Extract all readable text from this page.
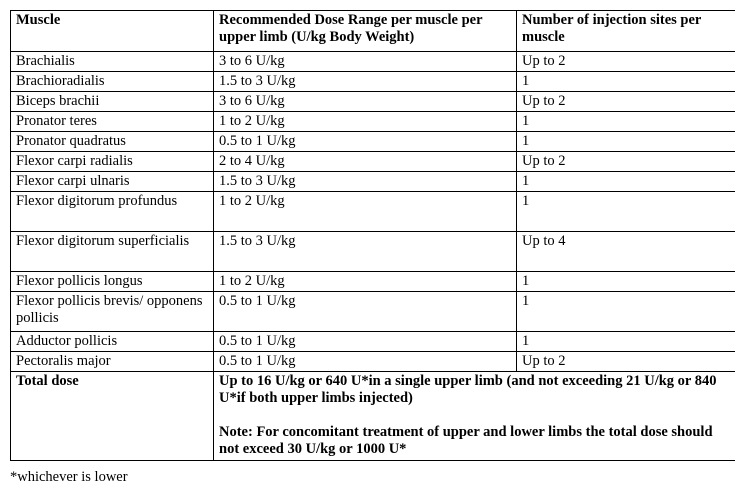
Muscle	Recommended Dose Range per muscle per upper limb (U/kg Body Weight)	Number of injection sites per muscle
Brachialis	3 to 6 U/kg	Up to 2
Brachioradialis	1.5 to 3 U/kg	1
Biceps brachii	3 to 6 U/kg	Up to 2
Pronator teres	1 to 2 U/kg	1
Pronator quadratus	0.5 to 1 U/kg	1
Flexor carpi radialis	2 to 4 U/kg	Up to 2
Flexor carpi ulnaris	1.5 to 3 U/kg	1
Flexor digitorum profundus	1 to 2 U/kg	1
Flexor digitorum superficialis	1.5 to 3 U/kg	Up to 4
Flexor pollicis longus	1 to 2 U/kg	1
Flexor pollicis brevis/ opponens pollicis	0.5 to 1 U/kg	1
Adductor pollicis	0.5 to 1 U/kg	1
Pectoralis major	0.5 to 1 U/kg	Up to 2
Total dose	Up to 16 U/kg or 640 U*in a single upper limb (and not exceeding 21 U/kg or 840 U*if both upper limbs injected)

Note: For concomitant treatment of upper and lower limbs the total dose should not exceed 30 U/kg or 1000 U*	

*whichever is lower
